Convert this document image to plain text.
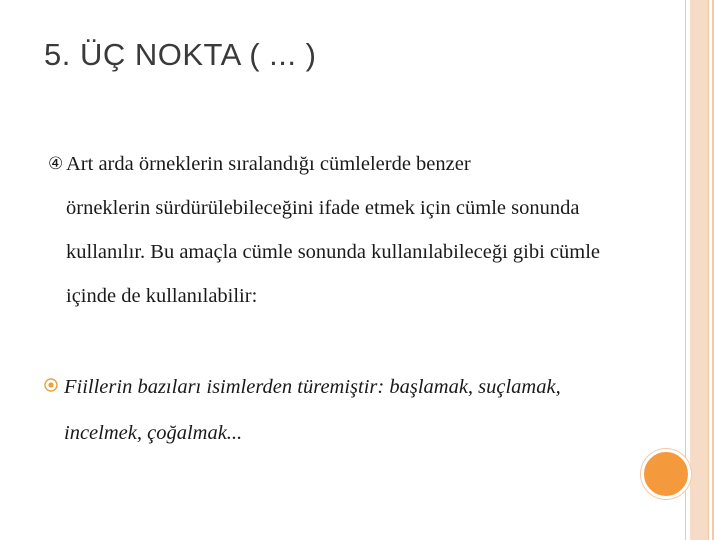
5. ÜÇ NOKTA ( ... )
④ Art arda örneklerin sıralandığı cümlelerde benzer
örneklerin sürdürülebileceğini ifade etmek için cümle sonunda kullanılır. Bu amaçla cümle sonunda kullanılabileceği gibi cümle içinde de kullanılabilir:
Fiillerin bazıları isimlerden türemiştir: başlamak, suçlamak, incelmek, çoğalmak...
